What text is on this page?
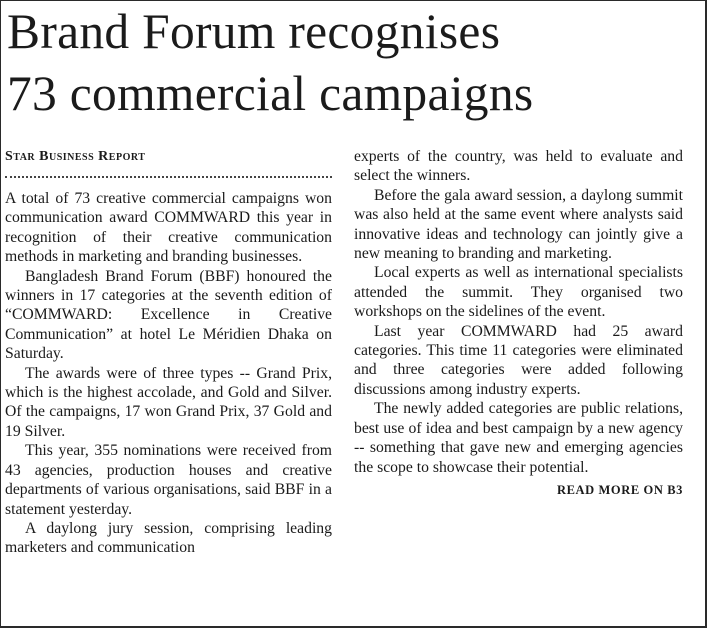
Brand Forum recognises
73 commercial campaigns
Star Business Report

A total of 73 creative commercial campaigns won communication award COMMWARD this year in recognition of their creative communication methods in marketing and branding businesses.

Bangladesh Brand Forum (BBF) honoured the winners in 17 categories at the seventh edition of “COMMWARD: Excellence in Creative Communication” at hotel Le Méridien Dhaka on Saturday.

The awards were of three types -- Grand Prix, which is the highest accolade, and Gold and Silver. Of the campaigns, 17 won Grand Prix, 37 Gold and 19 Silver.

This year, 355 nominations were received from 43 agencies, production houses and creative departments of various organisations, said BBF in a statement yesterday.

A daylong jury session, comprising leading marketers and communication

experts of the country, was held to evaluate and select the winners.

Before the gala award session, a daylong summit was also held at the same event where analysts said innovative ideas and technology can jointly give a new meaning to branding and marketing.

Local experts as well as international specialists attended the summit. They organised two workshops on the sidelines of the event.

Last year COMMWARD had 25 award categories. This time 11 categories were eliminated and three categories were added following discussions among industry experts.

The newly added categories are public relations, best use of idea and best campaign by a new agency -- something that gave new and emerging agencies the scope to showcase their potential.

READ MORE ON B3
